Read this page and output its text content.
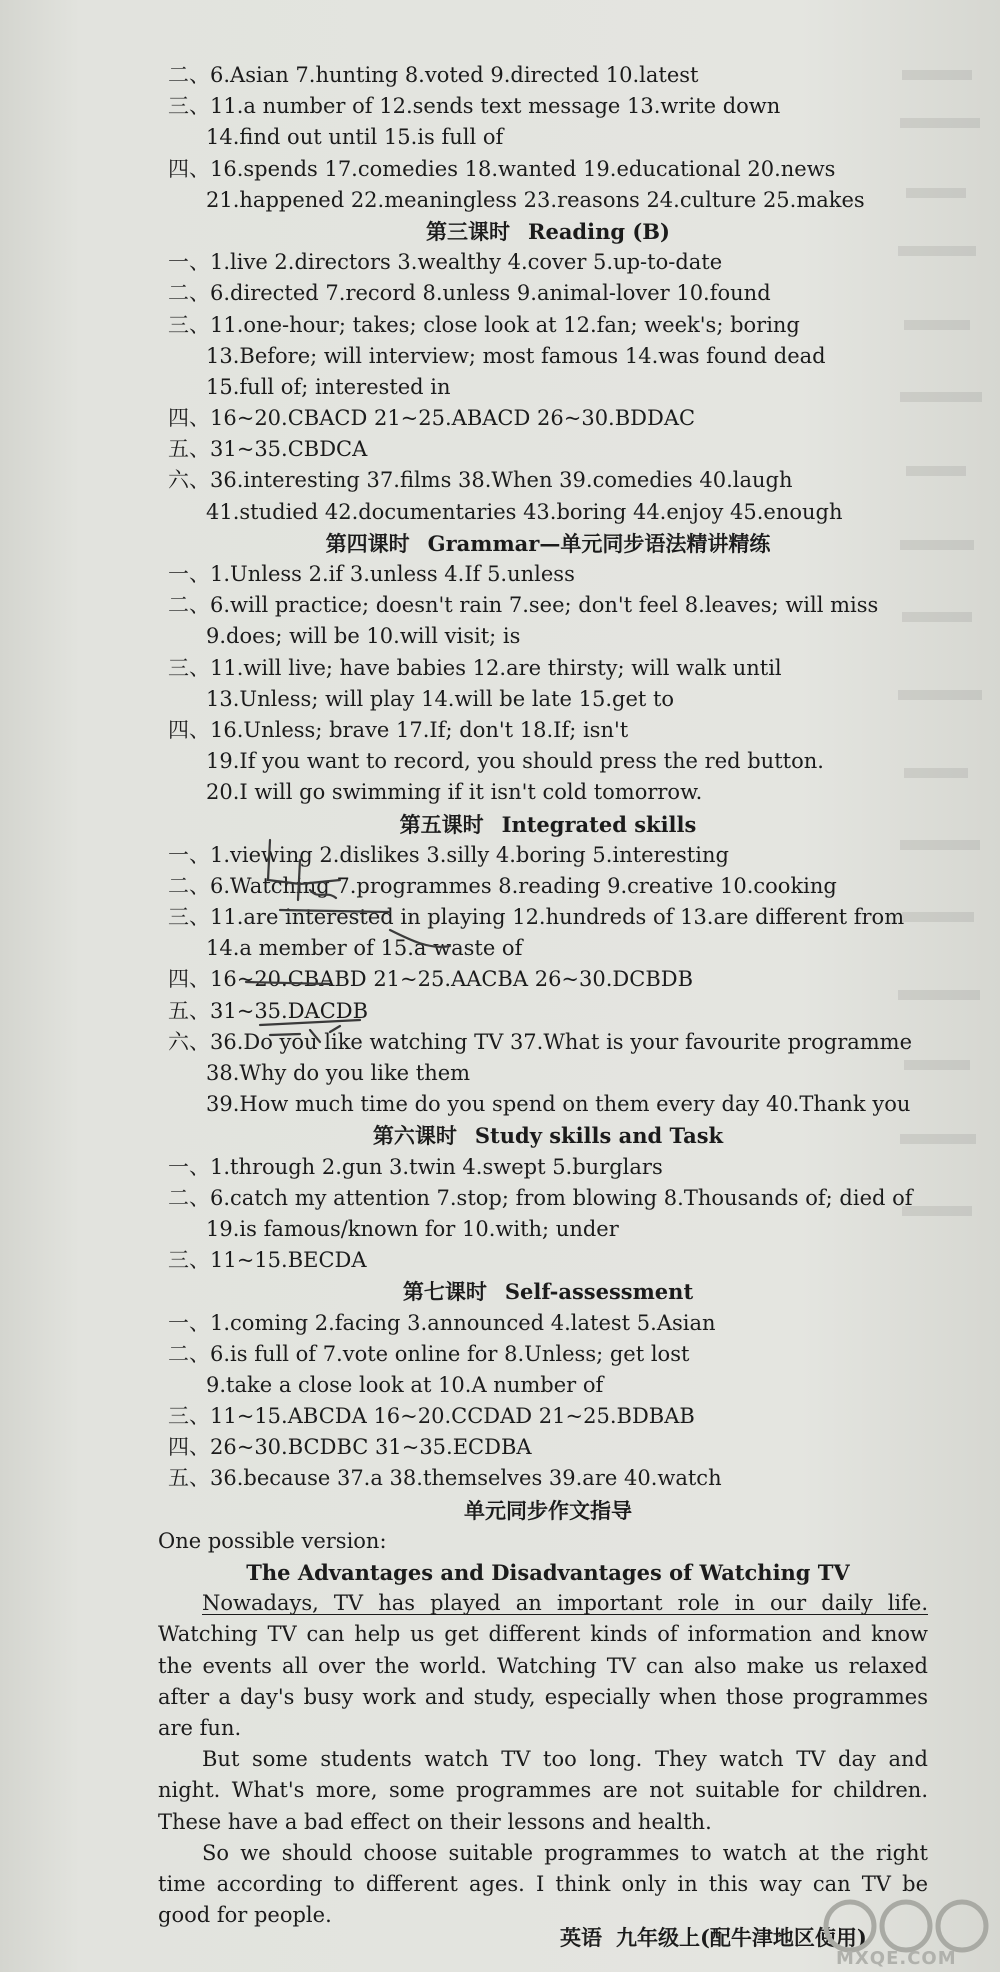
二、6.Asian 7.hunting 8.voted 9.directed 10.latest
三、11.a number of 12.sends text message 13.write down
14.find out until 15.is full of
四、16.spends 17.comedies 18.wanted 19.educational 20.news
21.happened 22.meaningless 23.reasons 24.culture 25.makes
第三课时 Reading (B)
一、1.live 2.directors 3.wealthy 4.cover 5.up-to-date
二、6.directed 7.record 8.unless 9.animal-lover 10.found
三、11.one-hour; takes; close look at 12.fan; week's; boring
13.Before; will interview; most famous 14.was found dead
15.full of; interested in
四、16~20.CBACD 21~25.ABACD 26~30.BDDAC
五、31~35.CBDCA
六、36.interesting 37.films 38.When 39.comedies 40.laugh
41.studied 42.documentaries 43.boring 44.enjoy 45.enough
第四课时 Grammar—单元同步语法精讲精练
一、1.Unless 2.if 3.unless 4.If 5.unless
二、6.will practice; doesn't rain 7.see; don't feel 8.leaves; will miss
9.does; will be 10.will visit; is
三、11.will live; have babies 12.are thirsty; will walk until
13.Unless; will play 14.will be late 15.get to
四、16.Unless; brave 17.If; don't 18.If; isn't
19.If you want to record, you should press the red button.
20.I will go swimming if it isn't cold tomorrow.
第五课时 Integrated skills
一、1.viewing 2.dislikes 3.silly 4.boring 5.interesting
二、6.Watching 7.programmes 8.reading 9.creative 10.cooking
三、11.are interested in playing 12.hundreds of 13.are different from
14.a member of 15.a waste of
四、16~20.CBABD 21~25.AACBA 26~30.DCBDB
五、31~35.DACDB
六、36.Do you like watching TV 37.What is your favourite programme
38.Why do you like them
39.How much time do you spend on them every day 40.Thank you
第六课时 Study skills and Task
一、1.through 2.gun 3.twin 4.swept 5.burglars
二、6.catch my attention 7.stop; from blowing 8.Thousands of; died of
19.is famous/known for 10.with; under
三、11~15.BECDA
第七课时 Self-assessment
一、1.coming 2.facing 3.announced 4.latest 5.Asian
二、6.is full of 7.vote online for 8.Unless; get lost
9.take a close look at 10.A number of
三、11~15.ABCDA 16~20.CCDAD 21~25.BDBAB
四、26~30.BCDBC 31~35.ECDBA
五、36.because 37.a 38.themselves 39.are 40.watch
单元同步作文指导
One possible version:
The Advantages and Disadvantages of Watching TV

Nowadays, TV has played an important role in our daily life. Watching TV can help us get different kinds of information and know the events all over the world. Watching TV can also make us relaxed after a day's busy work and study, especially when those programmes are fun.

But some students watch TV too long. They watch TV day and night. What's more, some programmes are not suitable for children. These have a bad effect on their lessons and health.

So we should choose suitable programmes to watch at the right time according to different ages. I think only in this way can TV be good for people.

英语 九年级上(配牛津地区使用)
MXQE.COM
